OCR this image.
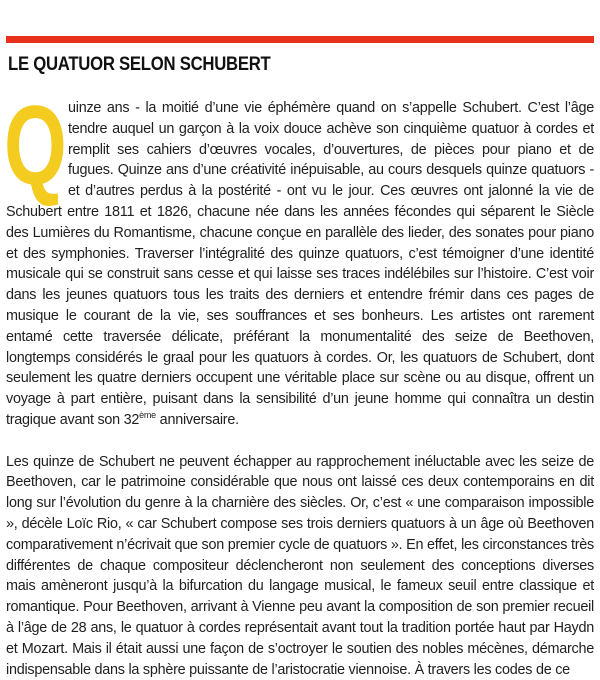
LE QUATUOR SELON SCHUBERT

Quinze ans - la moitié d’une vie éphémère quand on s’appelle Schubert. C’est l’âge tendre auquel un garçon à la voix douce achève son cinquième quatuor à cordes et remplit ses cahiers d’œuvres vocales, d’ouvertures, de pièces pour piano et de fugues. Quinze ans d’une créativité inépuisable, au cours desquels quinze quatuors - et d’autres perdus à la postérité - ont vu le jour. Ces œuvres ont jalonné la vie de Schubert entre 1811 et 1826, chacune née dans les années fécondes qui séparent le Siècle des Lumières du Romantisme, chacune conçue en parallèle des lieder, des sonates pour piano et des symphonies. Traverser l’intégralité des quinze quatuors, c’est témoigner d’une identité musicale qui se construit sans cesse et qui laisse ses traces indélébiles sur l’histoire. C’est voir dans les jeunes quatuors tous les traits des derniers et entendre frémir dans ces pages de musique le courant de la vie, ses souffrances et ses bonheurs. Les artistes ont rarement entamé cette traversée délicate, préférant la monumentalité des seize de Beethoven, longtemps considérés le graal pour les quatuors à cordes. Or, les quatuors de Schubert, dont seulement les quatre derniers occupent une véritable place sur scène ou au disque, offrent un voyage à part entière, puisant dans la sensibilité d’un jeune homme qui connaîtra un destin tragique avant son 32ème anniversaire.

Les quinze de Schubert ne peuvent échapper au rapprochement inéluctable avec les seize de Beethoven, car le patrimoine considérable que nous ont laissé ces deux contemporains en dit long sur l’évolution du genre à la charnière des siècles. Or, c’est « une comparaison impossible », décèle Loïc Rio, « car Schubert compose ses trois derniers quatuors à un âge où Beethoven comparativement n’écrivait que son premier cycle de quatuors ». En effet, les circonstances très différentes de chaque compositeur déclencheront non seulement des conceptions diverses mais amèneront jusqu’à la bifurcation du langage musical, le fameux seuil entre classique et romantique. Pour Beethoven, arrivant à Vienne peu avant la composition de son premier recueil à l’âge de 28 ans, le quatuor à cordes représentait avant tout la tradition portée haut par Haydn et Mozart. Mais il était aussi une façon de s’octroyer le soutien des nobles mécènes, démarche indispensable dans la sphère puissante de l’aristocratie viennoise. À travers les codes de ce
